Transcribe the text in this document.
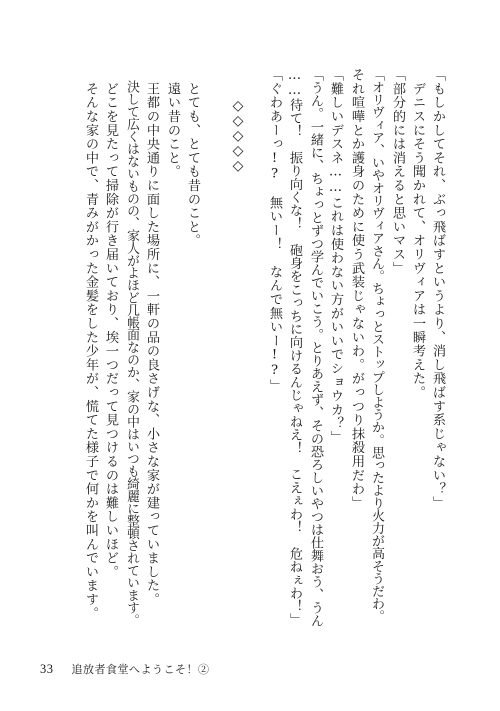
「もしかしてそれ、ぶっ飛ばすというより、消し飛ばす系じゃない？」
　デニスにそう聞かれて、オリヴィアは一瞬考えた。
「部分的には消えると思いマス」
「オリヴィア、いやオリヴィアさん。ちょっとストップしようか。思ったより火力が高そうだわ。
それ喧嘩とか護身のために使う武装じゃないわ。がっつり抹殺用だわ」
「難しいデスネ……これは使わない方がいいでショウカ？」
「うん。一緒に、ちょっとずつ学んでいこう。とりあえず、その恐ろしいやつは仕舞おう、うん
……待て！　振り向くな！　砲身をこっちに向けるんじゃねえ！　こえぇわ！　危ねぇわ！」
「ぐわあーっ!?　無いー！　なんで無いー!?」
◇◇◇◇◇
　とても、とても昔のこと。
　遠い昔のこと。
　王都の中央通りに面した場所に、一軒の品の良さげな、小さな家が建っていました。
　決して広くはないものの、家人がよほど几帳面なのか、家の中はいつも綺麗に整頓されています。
　どこを見たって掃除が行き届いており、埃一つだって見つけるのは難しいほど。
　そんな家の中で、青みがかった金髪をした少年が、慌てた様子で何かを叫んでいます。
33 追放者食堂へようこそ！②
